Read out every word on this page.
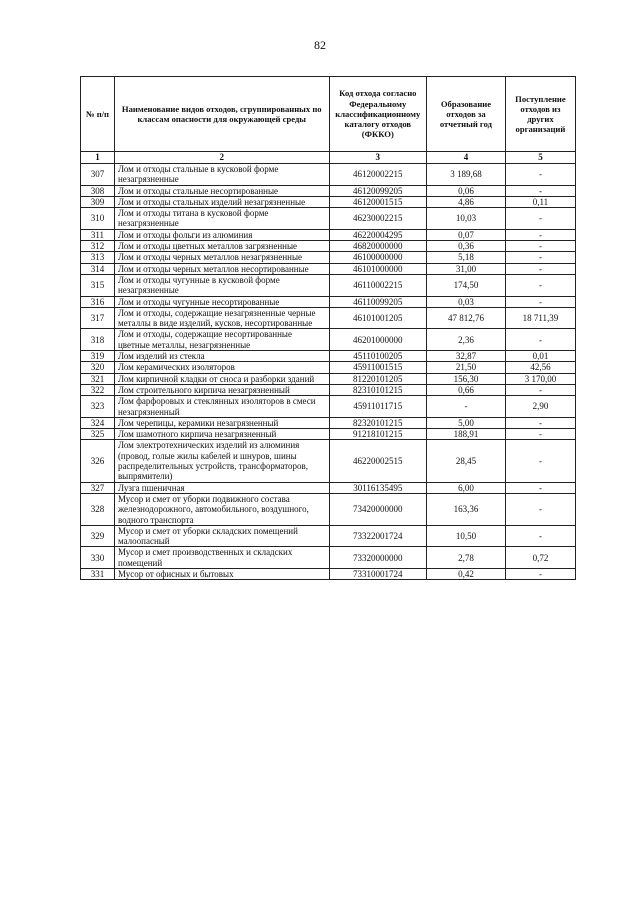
82
№ п/п	Наименование видов отходов, сгруппированных по классам опасности для окружающей среды	Код отхода согласно Федеральному классификационному каталогу отходов (ФККО)	Образование отходов за отчетный год	Поступление отходов из других организаций
1	2	3	4	5
307	Лом и отходы стальные в кусковой форме незагрязненные	46120002215	3 189,68	-
308	Лом и отходы стальные несортированные	46120099205	0,06	-
309	Лом и отходы стальных изделий незагрязненные	46120001515	4,86	0,11
310	Лом и отходы титана в кусковой форме незагрязненные	46230002215	10,03	-
311	Лом и отходы фольги из алюминия	46220004295	0,07	-
312	Лом и отходы цветных металлов загрязненные	46820000000	0,36	-
313	Лом и отходы черных металлов незагрязненные	46100000000	5,18	-
314	Лом и отходы черных металлов несортированные	46101000000	31,00	-
315	Лом и отходы чугунные в кусковой форме незагрязненные	46110002215	174,50	-
316	Лом и отходы чугунные несортированные	46110099205	0,03	-
317	Лом и отходы, содержащие незагрязненные черные металлы в виде изделий, кусков, несортированные	46101001205	47 812,76	18 711,39
318	Лом и отходы, содержащие несортированные цветные металлы, незагрязненные	46201000000	2,36	-
319	Лом изделий из стекла	45110100205	32,87	0,01
320	Лом керамических изоляторов	45911001515	21,50	42,56
321	Лом кирпичной кладки от сноса и разборки зданий	81220101205	156,30	3 170,00
322	Лом строительного кирпича незагрязненный	82310101215	0,66	-
323	Лом фарфоровых и стеклянных изоляторов в смеси незагрязненный	45911011715	-	2,90
324	Лом черепицы, керамики незагрязненный	82320101215	5,00	-
325	Лом шамотного кирпича незагрязненный	91218101215	188,91	-
326	Лом электротехнических изделий из алюминия (провод, голые жилы кабелей и шнуров, шины распределительных устройств, трансформаторов, выпрямители)	46220002515	28,45	-
327	Лузга пшеничная	30116135495	6,00	-
328	Мусор и смет от уборки подвижного состава железнодорожного, автомобильного, воздушного, водного транспорта	73420000000	163,36	-
329	Мусор и смет от уборки складских помещений малоопасный	73322001724	10,50	-
330	Мусор и смет производственных и складских помещений	73320000000	2,78	0,72
331	Мусор от офисных и бытовых	73310001724	0,42	-
